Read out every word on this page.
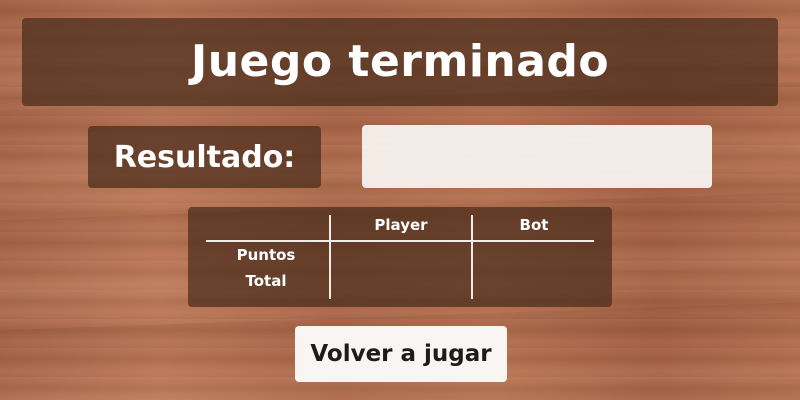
Juego terminado
Resultado:
Player	Bot
Puntos
Total
Volver a jugar
